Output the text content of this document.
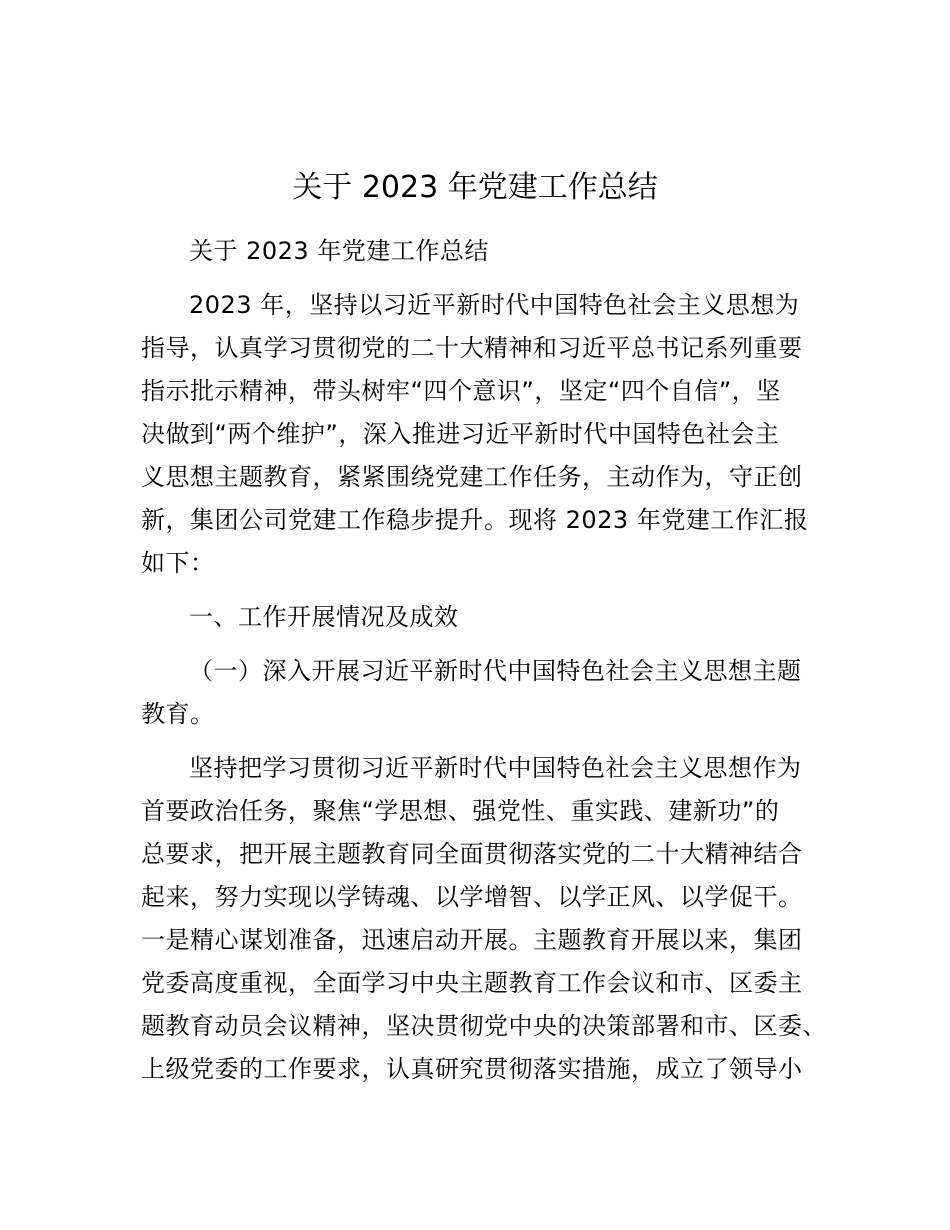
关于 2023 年党建工作总结

关于 2023 年党建工作总结

2023 年，坚持以习近平新时代中国特色社会主义思想为
指导，认真学习贯彻党的二十大精神和习近平总书记系列重要
指示批示精神，带头树牢“四个意识”，坚定“四个自信”，坚
决做到“两个维护”，深入推进习近平新时代中国特色社会主
义思想主题教育，紧紧围绕党建工作任务，主动作为，守正创
新，集团公司党建工作稳步提升。现将 2023 年党建工作汇报
如下：

一、工作开展情况及成效

（一）深入开展习近平新时代中国特色社会主义思想主题
教育。

坚持把学习贯彻习近平新时代中国特色社会主义思想作为
首要政治任务，聚焦“学思想、强党性、重实践、建新功”的
总要求，把开展主题教育同全面贯彻落实党的二十大精神结合
起来，努力实现以学铸魂、以学增智、以学正风、以学促干。
一是精心谋划准备，迅速启动开展。主题教育开展以来，集团
党委高度重视，全面学习中央主题教育工作会议和市、区委主
题教育动员会议精神，坚决贯彻党中央的决策部署和市、区委、
上级党委的工作要求，认真研究贯彻落实措施，成立了领导小
